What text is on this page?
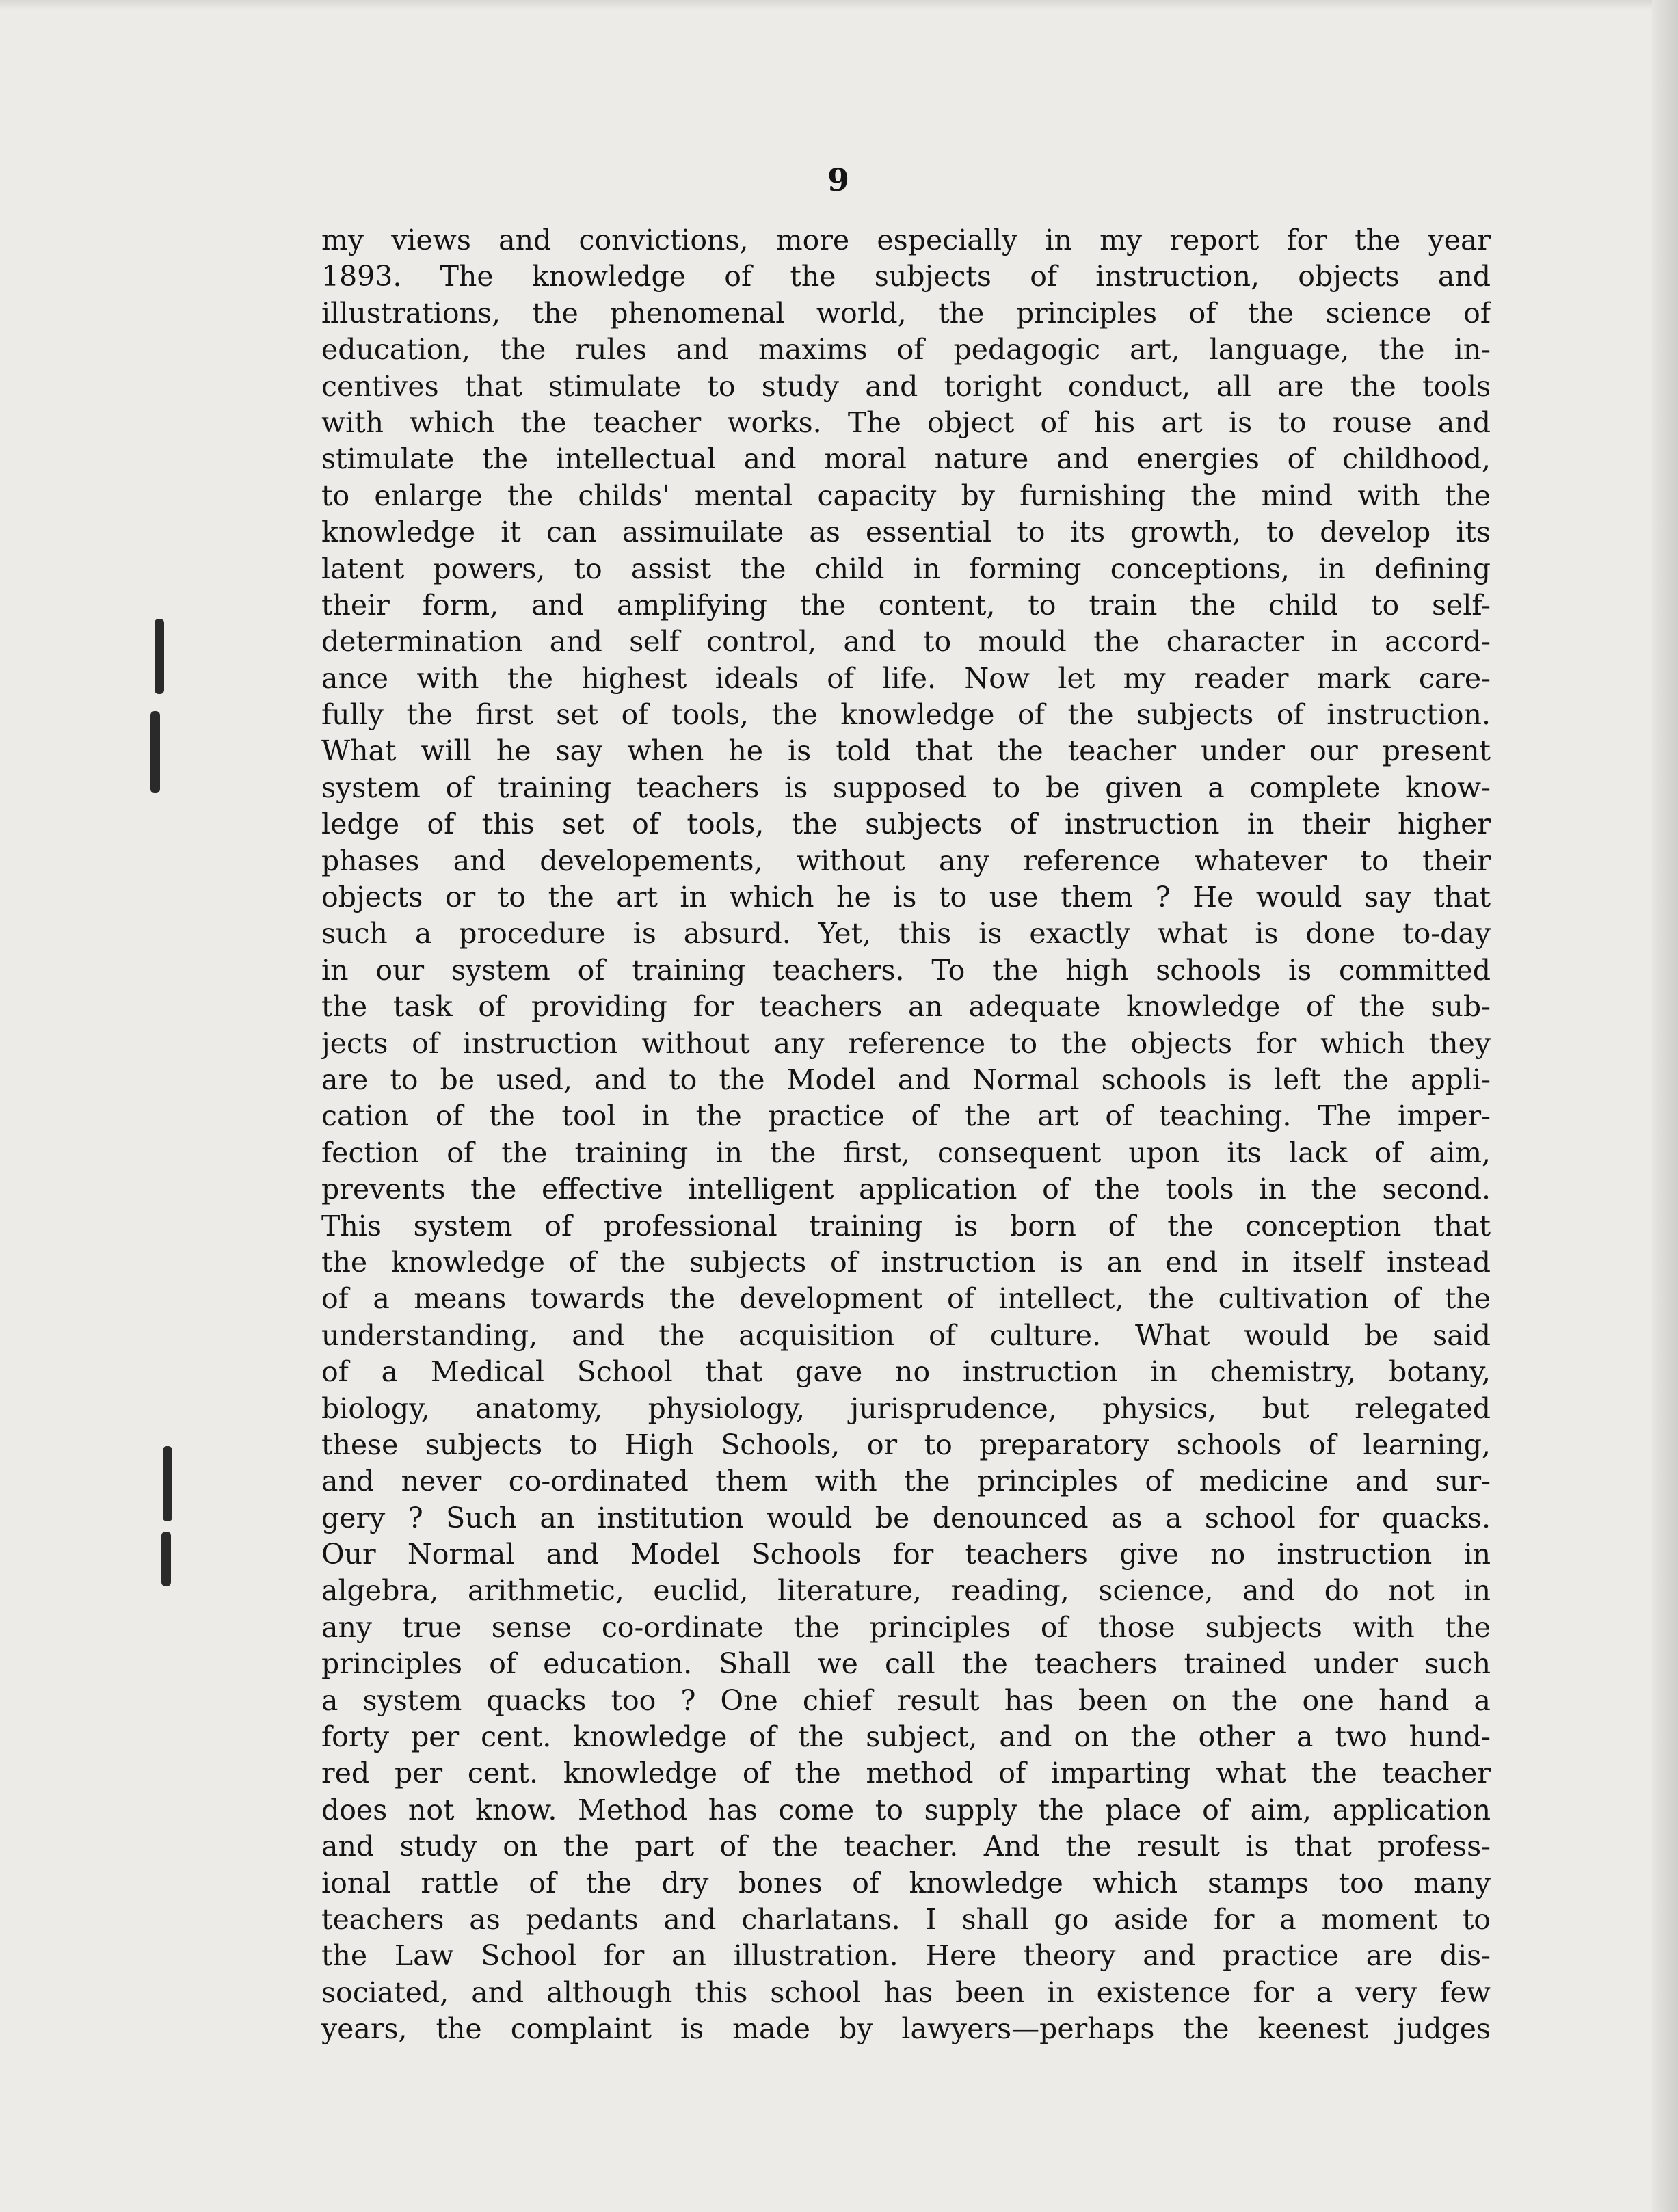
9
my views and convictions, more especially in my report for the year
1893. The knowledge of the subjects of instruction, objects and
illustrations, the phenomenal world, the principles of the science of
education, the rules and maxims of pedagogic art, language, the in-
centives that stimulate to study and toright conduct, all are the tools
with which the teacher works. The object of his art is to rouse and
stimulate the intellectual and moral nature and energies of childhood,
to enlarge the childs' mental capacity by furnishing the mind with the
knowledge it can assimuilate as essential to its growth, to develop its
latent powers, to assist the child in forming conceptions, in defining
their form, and amplifying the content, to train the child to self-
determination and self control, and to mould the character in accord-
ance with the highest ideals of life. Now let my reader mark care-
fully the first set of tools, the knowledge of the subjects of instruction.
What will he say when he is told that the teacher under our present
system of training teachers is supposed to be given a complete know-
ledge of this set of tools, the subjects of instruction in their higher
phases and developements, without any reference whatever to their
objects or to the art in which he is to use them ? He would say that
such a procedure is absurd. Yet, this is exactly what is done to-day
in our system of training teachers. To the high schools is committed
the task of providing for teachers an adequate knowledge of the sub-
jects of instruction without any reference to the objects for which they
are to be used, and to the Model and Normal schools is left the appli-
cation of the tool in the practice of the art of teaching. The imper-
fection of the training in the first, consequent upon its lack of aim,
prevents the effective intelligent application of the tools in the second.
This system of professional training is born of the conception that
the knowledge of the subjects of instruction is an end in itself instead
of a means towards the development of intellect, the cultivation of the
understanding, and the acquisition of culture. What would be said
of a Medical School that gave no instruction in chemistry, botany,
biology, anatomy, physiology, jurisprudence, physics, but relegated
these subjects to High Schools, or to preparatory schools of learning,
and never co-ordinated them with the principles of medicine and sur-
gery ? Such an institution would be denounced as a school for quacks.
Our Normal and Model Schools for teachers give no instruction in
algebra, arithmetic, euclid, literature, reading, science, and do not in
any true sense co-ordinate the principles of those subjects with the
principles of education. Shall we call the teachers trained under such
a system quacks too ? One chief result has been on the one hand a
forty per cent. knowledge of the subject, and on the other a two hund-
red per cent. knowledge of the method of imparting what the teacher
does not know. Method has come to supply the place of aim, application
and study on the part of the teacher. And the result is that profess-
ional rattle of the dry bones of knowledge which stamps too many
teachers as pedants and charlatans. I shall go aside for a moment to
the Law School for an illustration. Here theory and practice are dis-
sociated, and although this school has been in existence for a very few
years, the complaint is made by lawyers—perhaps the keenest judges
